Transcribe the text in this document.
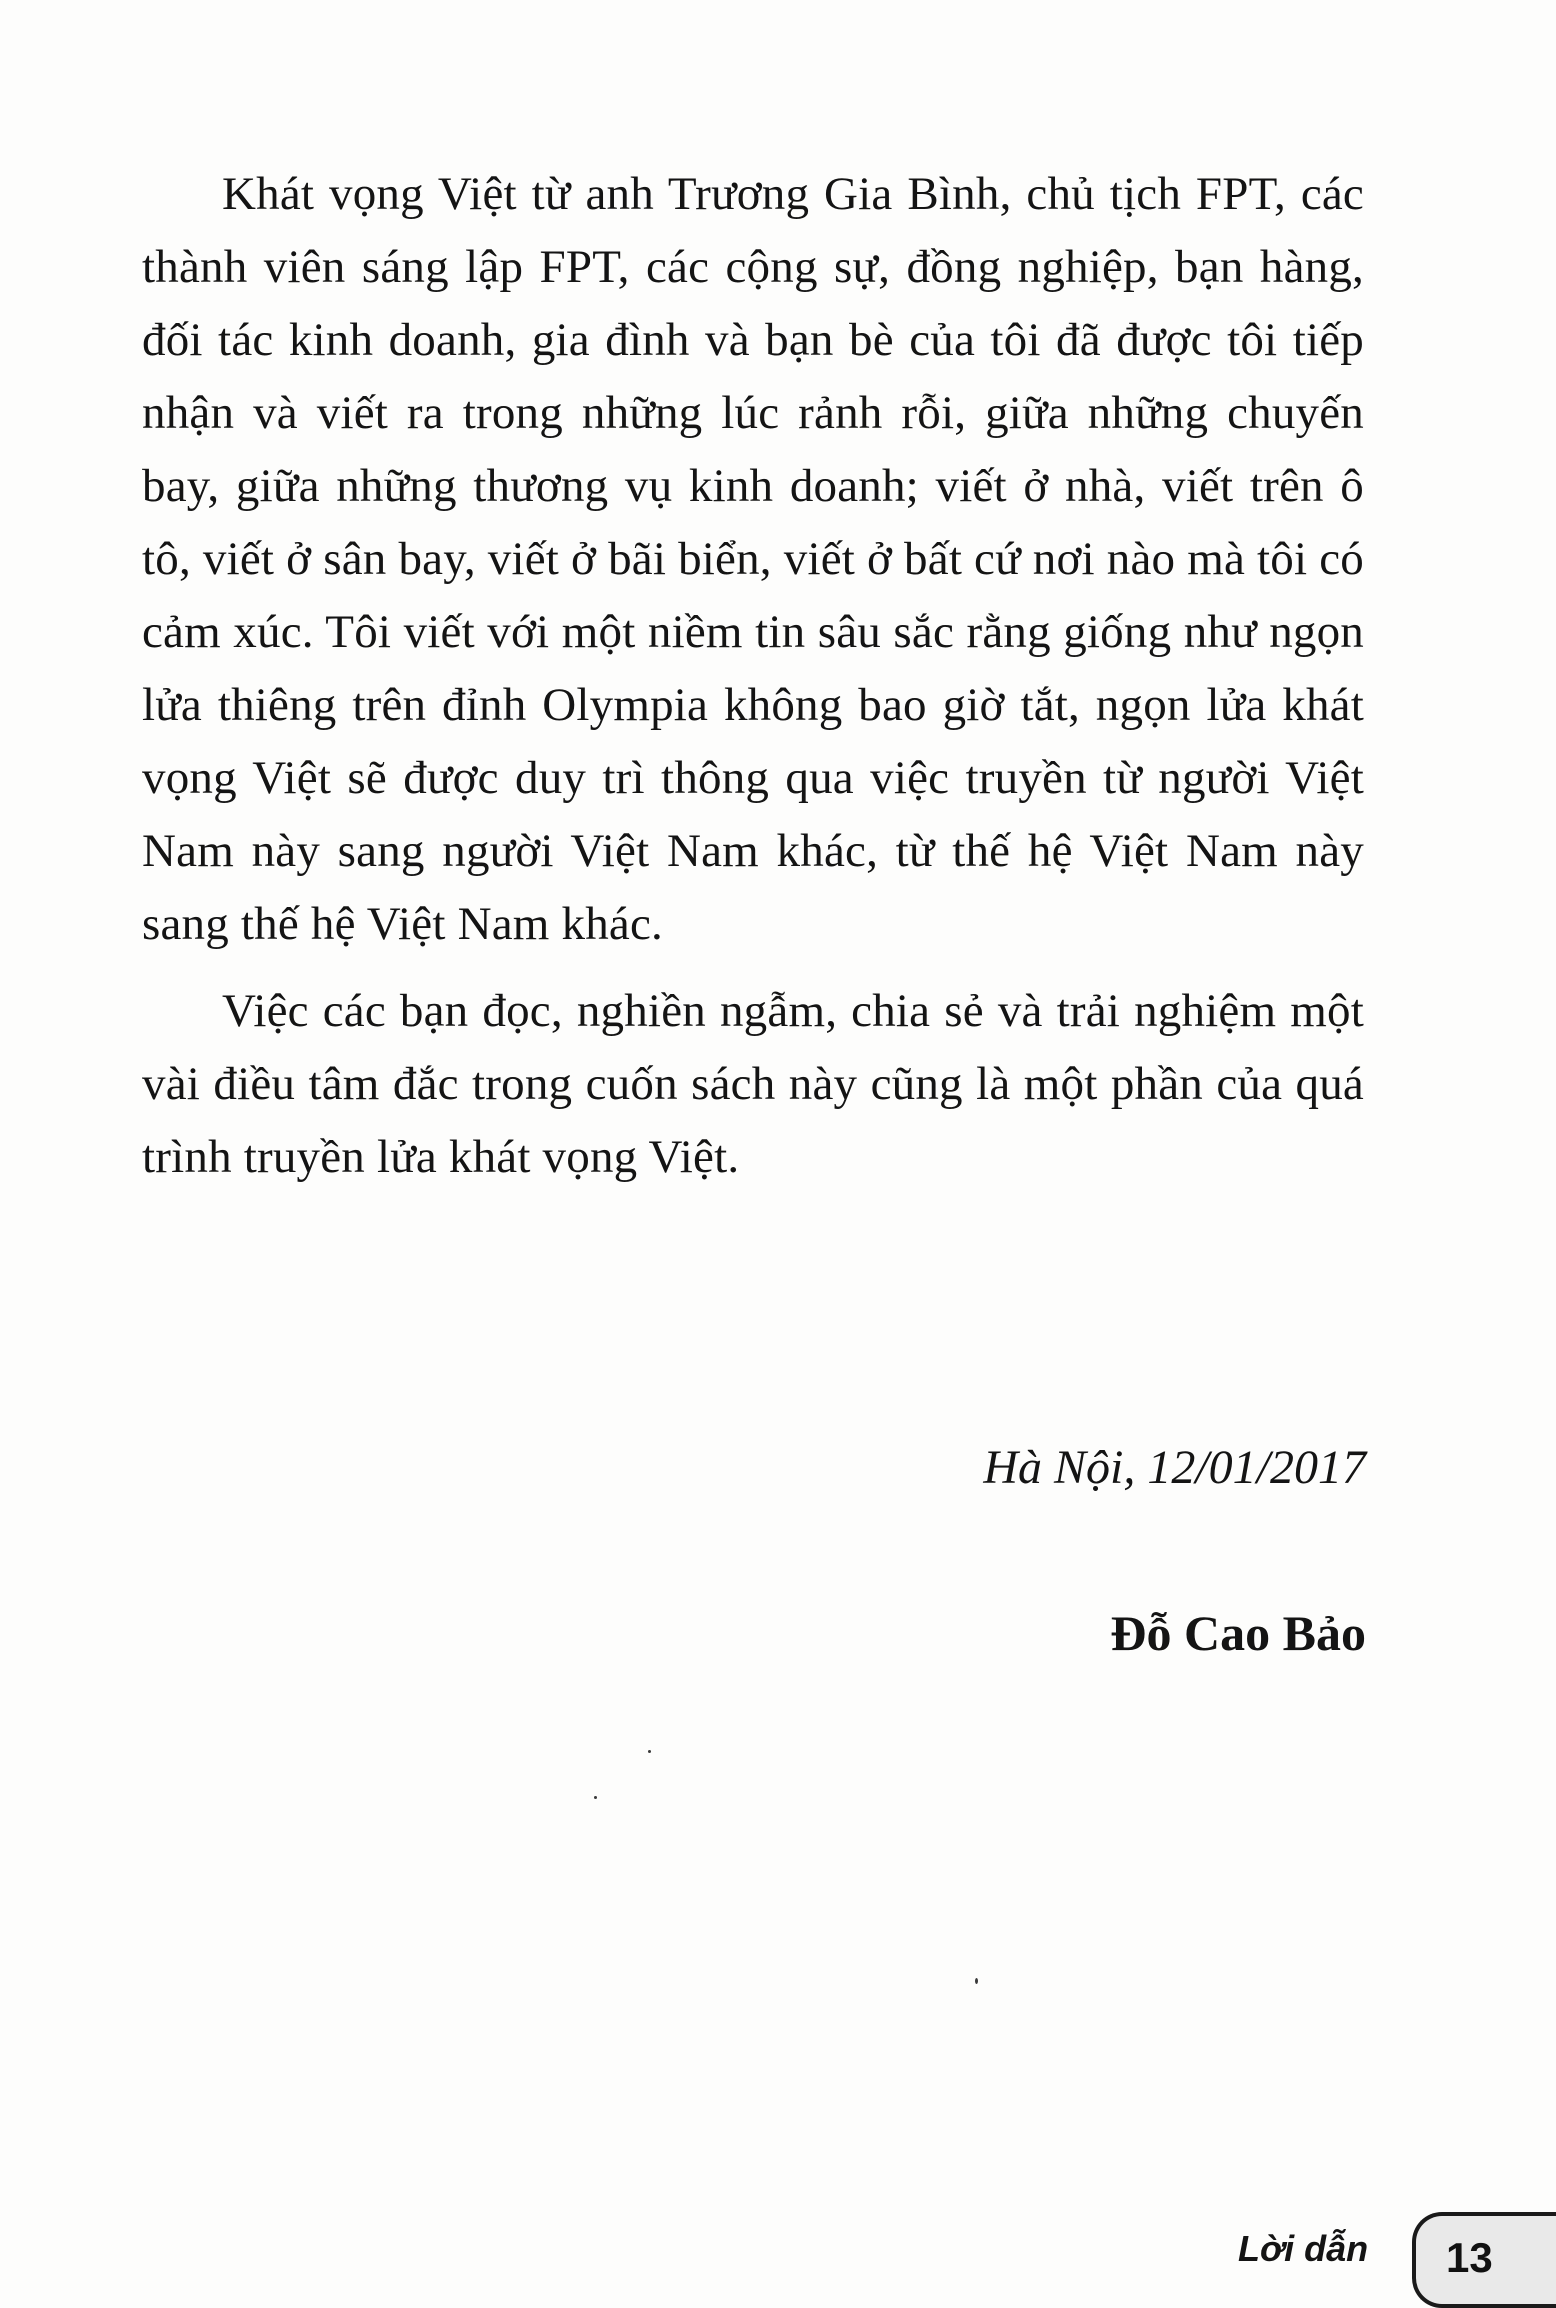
Khát vọng Việt từ anh Trương Gia Bình, chủ tịch FPT, các thành viên sáng lập FPT, các cộng sự, đồng nghiệp, bạn hàng, đối tác kinh doanh, gia đình và bạn bè của tôi đã được tôi tiếp nhận và viết ra trong những lúc rảnh rỗi, giữa những chuyến bay, giữa những thương vụ kinh doanh; viết ở nhà, viết trên ô tô, viết ở sân bay, viết ở bãi biển, viết ở bất cứ nơi nào mà tôi có cảm xúc. Tôi viết với một niềm tin sâu sắc rằng giống như ngọn lửa thiêng trên đỉnh Olympia không bao giờ tắt, ngọn lửa khát vọng Việt sẽ được duy trì thông qua việc truyền từ người Việt Nam này sang người Việt Nam khác, từ thế hệ Việt Nam này sang thế hệ Việt Nam khác.

Việc các bạn đọc, nghiền ngẫm, chia sẻ và trải nghiệm một vài điều tâm đắc trong cuốn sách này cũng là một phần của quá trình truyền lửa khát vọng Việt.

Hà Nội, 12/01/2017
Đỗ Cao Bảo
Lời dẫn 13
